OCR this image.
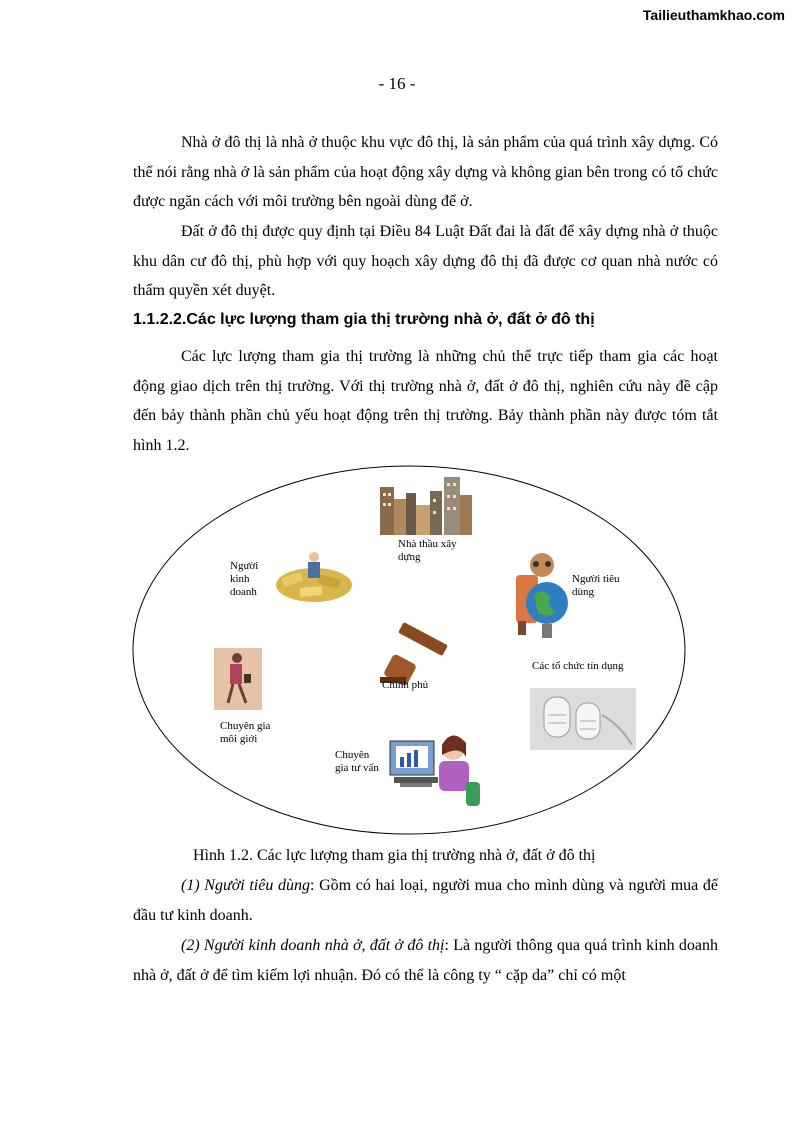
Tailieuthamkhao.com
- 16 -

Nhà ở đô thị là nhà ở thuộc khu vực đô thị, là sản phẩm của quá trình xây dựng. Có thể nói rằng nhà ở là sản phẩm của hoạt động xây dựng và không gian bên trong có tổ chức được ngăn cách với môi trường bên ngoài dùng để ở.

Đất ở đô thị được quy định tại Điều 84 Luật Đất đai là đất để xây dựng nhà ở thuộc khu dân cư đô thị, phù hợp với quy hoạch xây dựng đô thị đã được cơ quan nhà nước có thẩm quyền xét duyệt.

1.1.2.2.Các lực lượng tham gia thị trường nhà ở, đất ở đô thị

Các lực lượng tham gia thị trường là những chủ thể trực tiếp tham gia các hoạt động giao dịch trên thị trường. Với thị trường nhà ở, đất ở đô thị, nghiên cứu này đề cập đến bảy thành phần chủ yếu hoạt động trên thị trường. Bảy thành phần này được tóm tắt hình 1.2.

Nhà thầu xây
dựng
Người
kinh
doanh
Người tiêu
dùng
Các tổ chức tín dụng
Chính phủ
Chuyên gia
môi giới
Chuyên
gia tư vấn
Hình 1.2. Các lực lượng tham gia thị trường nhà ở, đất ở đô thị

(1) Người tiêu dùng: Gồm có hai loại, người mua cho mình dùng và người mua để đầu tư kinh doanh.

(2) Người kinh doanh nhà ở, đất ở đô thị: Là người thông qua quá trình kinh doanh nhà ở, đất ở để tìm kiếm lợi nhuận. Đó có thể là công ty “ cặp da” chỉ có một
